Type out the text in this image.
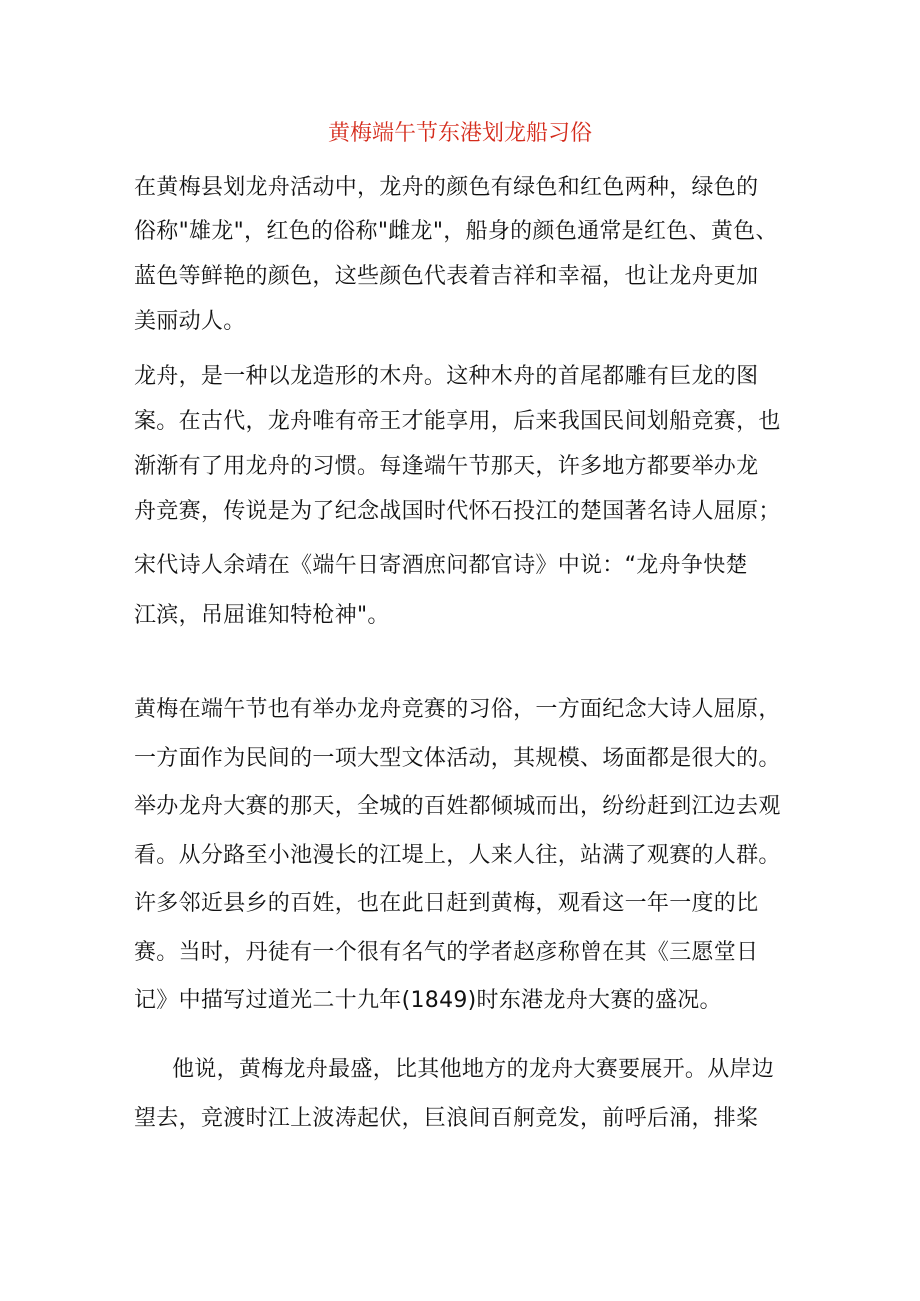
黄梅端午节东港划龙船习俗

在黄梅县划龙舟活动中，龙舟的颜色有绿色和红色两种，绿色的

俗称"雄龙"，红色的俗称"雌龙"，船身的颜色通常是红色、黄色、

蓝色等鲜艳的颜色，这些颜色代表着吉祥和幸福，也让龙舟更加

美丽动人。

龙舟，是一种以龙造形的木舟。这种木舟的首尾都雕有巨龙的图

案。在古代，龙舟唯有帝王才能享用，后来我国民间划船竞赛，也

渐渐有了用龙舟的习惯。每逢端午节那天，许多地方都要举办龙

舟竞赛，传说是为了纪念战国时代怀石投江的楚国著名诗人屈原；

宋代诗人余靖在《端午日寄酒庶问都官诗》中说：“龙舟争快楚

江滨，吊屈谁知特枪神"。

黄梅在端午节也有举办龙舟竞赛的习俗，一方面纪念大诗人屈原，

一方面作为民间的一项大型文体活动，其规模、场面都是很大的。

举办龙舟大赛的那天，全城的百姓都倾城而出，纷纷赶到江边去观

看。从分路至小池漫长的江堤上，人来人往，站满了观赛的人群。

许多邻近县乡的百姓，也在此日赶到黄梅，观看这一年一度的比

赛。当时，丹徒有一个很有名气的学者赵彦称曾在其《三愿堂日

记》中描写过道光二十九年(1849)时东港龙舟大赛的盛况。

他说，黄梅龙舟最盛，比其他地方的龙舟大赛要展开。从岸边

望去，竞渡时江上波涛起伏，巨浪间百舸竞发，前呼后涌，排桨
